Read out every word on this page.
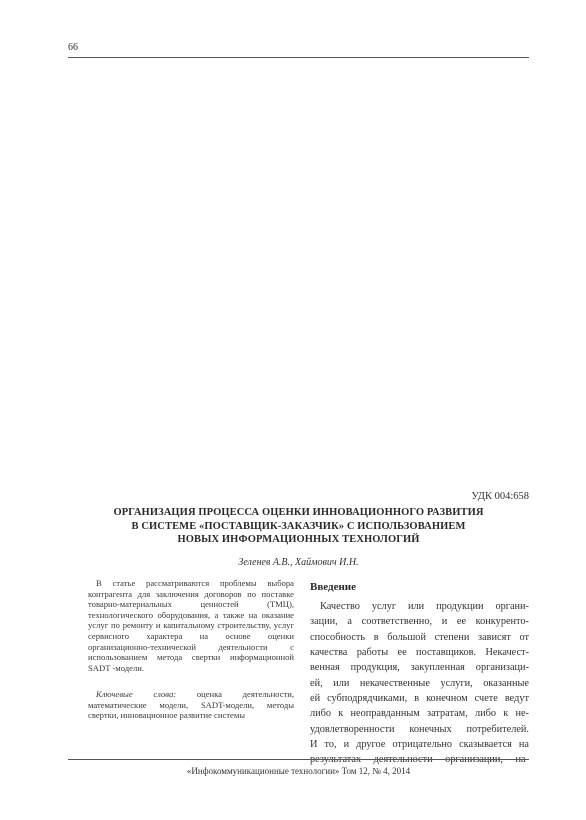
66
УДК 004:658
ОРГАНИЗАЦИЯ ПРОЦЕССА ОЦЕНКИ ИННОВАЦИОННОГО РАЗВИТИЯ
В СИСТЕМЕ «ПОСТАВЩИК-ЗАКАЗЧИК» С ИСПОЛЬЗОВАНИЕМ
НОВЫХ ИНФОРМАЦИОННЫХ ТЕХНОЛОГИЙ
Зеленев А.В., Хаймович И.Н.

В статье рассматриваются проблемы выбора контрагента для заключения договоров по поставке товарно-материальных ценностей (ТМЦ), технологического оборудования, а также на оказание услуг по ремонту и капитальному строительству, услуг сервисного характера на основе оценки организационно-технической деятельности с использованием метода свертки информационной SADT -модели.

Ключевые слова: оценка деятельности, математические модели, SADT-модели, методы свертки, инновационное развитие системы

Введение
Качество услуг или продукции органи-
зации, а соответственно, и ее конкуренто-
способность в большой степени зависят от
качества работы ее поставщиков. Некачест-
венная продукция, закупленная организаци-
ей, или некачественные услуги, оказанные
ей субподрядчиками, в конечном счете ведут
либо к неоправданным затратам, либо к не-
удовлетворенности конечных потребителей.
И то, и другое отрицательно сказывается на
результатах деятельности организации, на-
«Инфокоммуникационные технологии» Том 12, № 4, 2014
